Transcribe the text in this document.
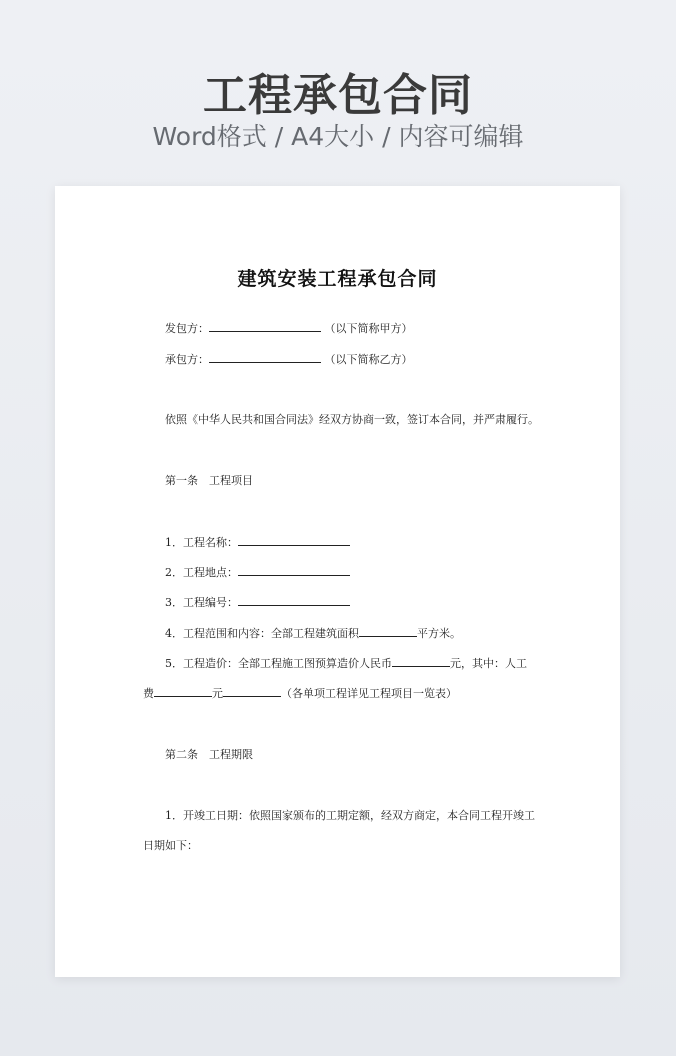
工程承包合同
Word格式 / A4大小 / 内容可编辑
建筑安装工程承包合同
发包方：	（以下简称甲方）
承包方：	（以下简称乙方）
依照《中华人民共和国合同法》经双方协商一致，签订本合同，并严肃履行。
第一条　工程项目
1．工程名称：
2．工程地点：
3．工程编号：
4．工程范围和内容：全部工程建筑面积	平方米。
5．工程造价：全部工程施工图预算造价人民币	元，其中：人工
费	元	（各单项工程详见工程项目一览表）
第二条　工程期限
1．开竣工日期：依照国家颁布的工期定额，经双方商定，本合同工程开竣工
日期如下：
